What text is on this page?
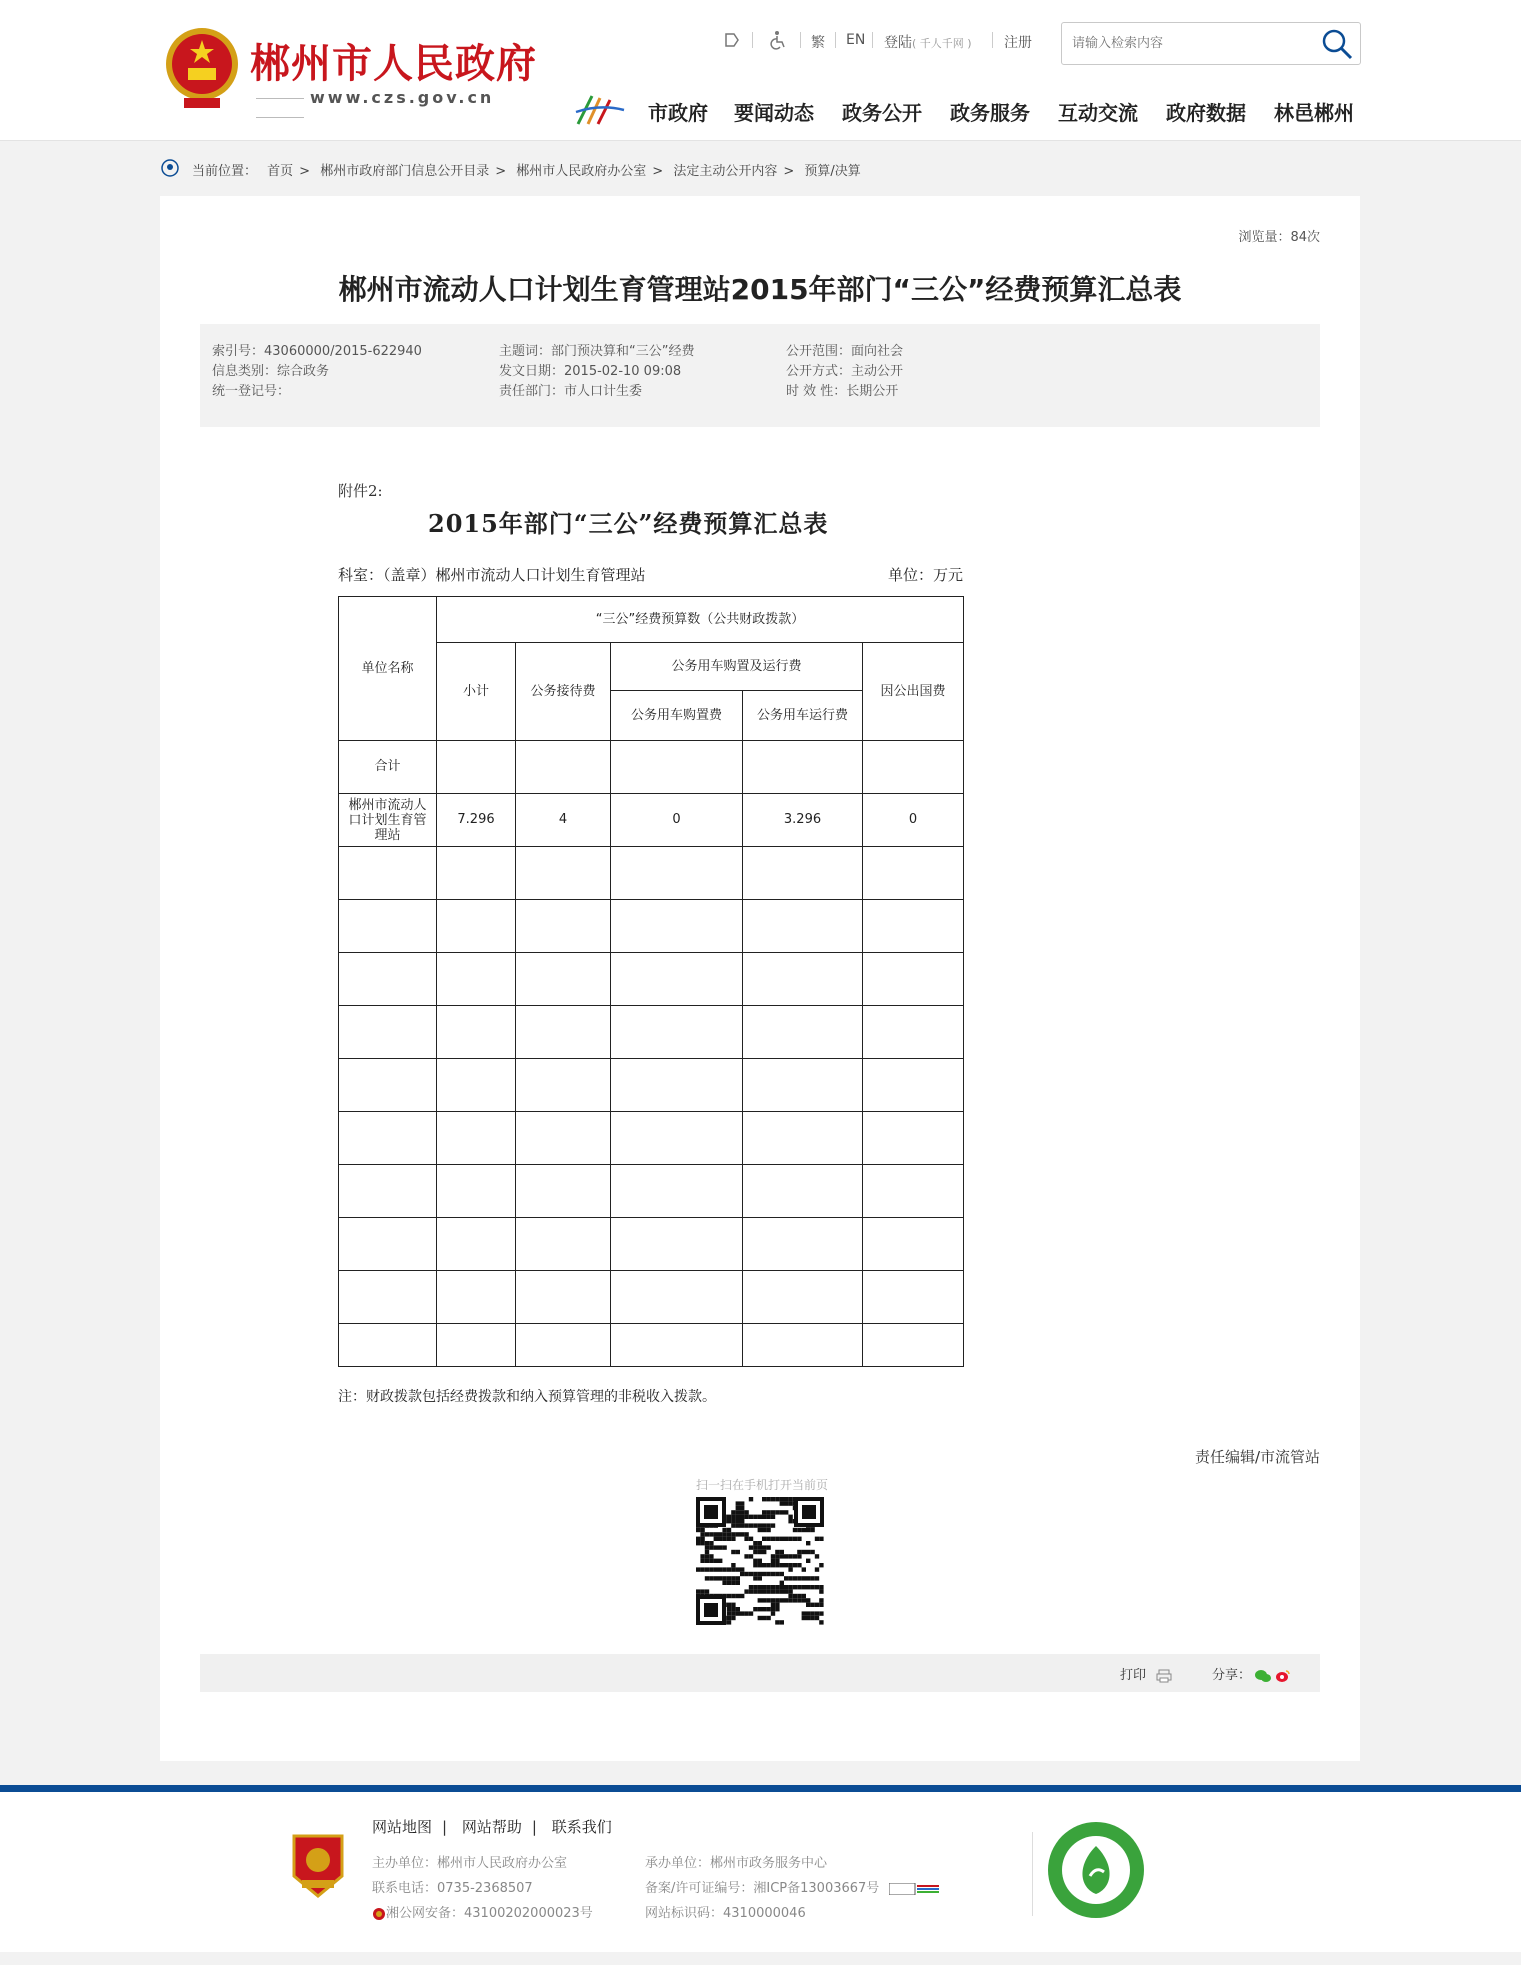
郴州市人民政府
www.czs.gov.cn
繁 EN 登陆( 千人千网 ) 注册
请输入检索内容
市政府 要闻动态 政务公开 政务服务 互动交流 政府数据 林邑郴州
当前位置： 首页 > 郴州市政府部门信息公开目录 > 郴州市人民政府办公室 > 法定主动公开内容 > 预算/决算
浏览量：84次
郴州市流动人口计划生育管理站2015年部门“三公”经费预算汇总表
索引号：43060000/2015-622940
信息类别：综合政务
统一登记号：
主题词：部门预决算和“三公”经费
发文日期：2015-02-10 09:08
责任部门：市人口计生委
公开范围：面向社会
公开方式：主动公开
时 效 性：长期公开
附件2:
2015年部门“三公”经费预算汇总表
科室：（盖章）郴州市流动人口计划生育管理站	单位：万元
注：财政拨款包括经费拨款和纳入预算管理的非税收入拨款。
责任编辑/市流管站
扫一扫在手机打开当前页
打印	分享：
单位名称	“三公”经费预算数（公共财政拨款）				
	小计	公务接待费	公务用车购置及运行费		因公出国费
			公务用车购置费	公务用车运行费	
合计					
郴州市流动人口计划生育管理站	7.296	4	0	3.296	0

网站地图 | 网站帮助 | 联系我们
主办单位：郴州市人民政府办公室
联系电话：0735-2368507
湘公网安备：43100202000023号
承办单位：郴州市政务服务中心
备案/许可证编号：湘ICP备13003667号
网站标识码：4310000046
